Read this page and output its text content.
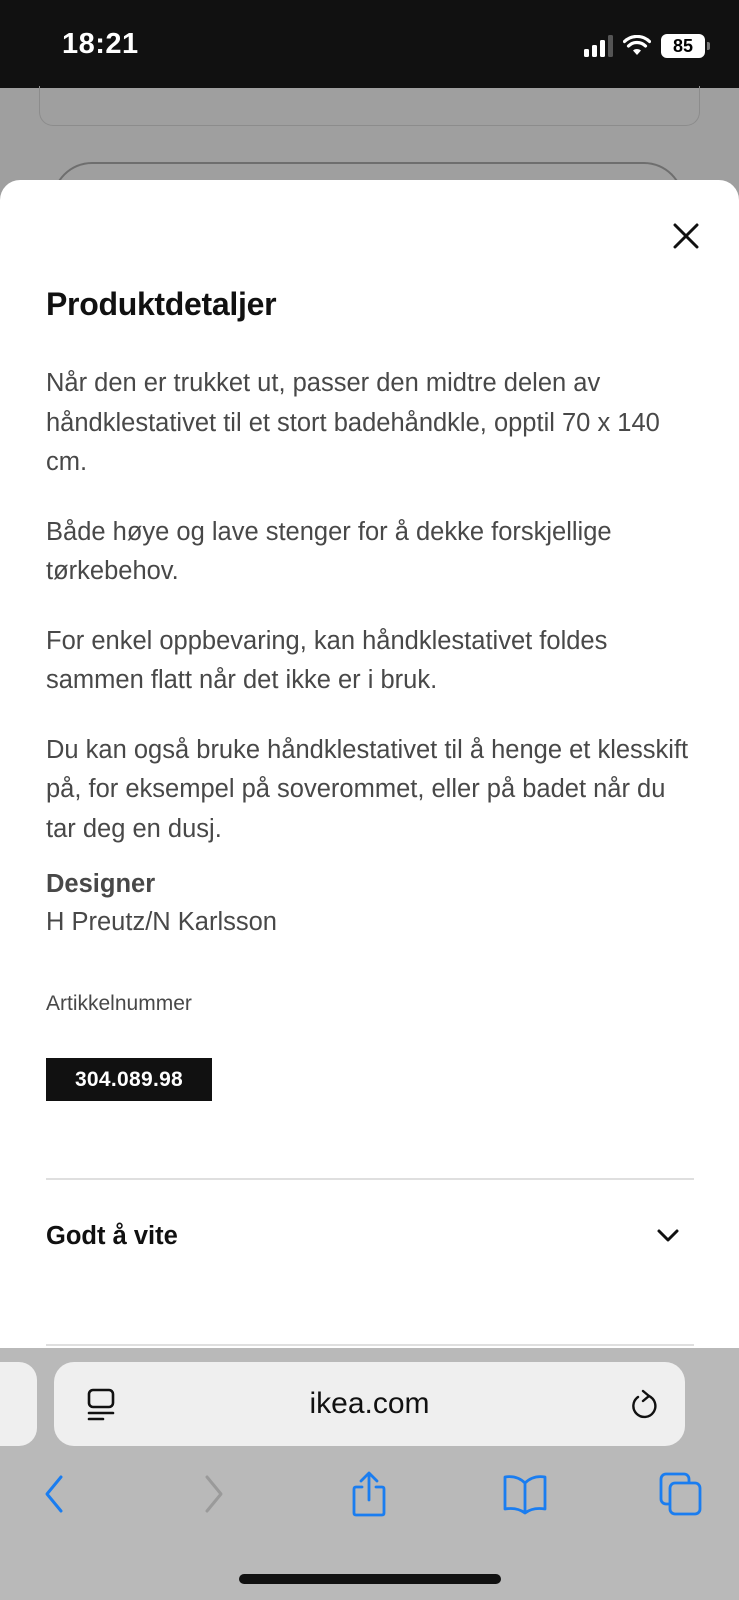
18:21	85
Produktdetaljer

Når den er trukket ut, passer den midtre delen av håndklestativet til et stort badehåndkle, opptil 70 x 140 cm.

Både høye og lave stenger for å dekke forskjellige tørkebehov.

For enkel oppbevaring, kan håndklestativet foldes sammen flatt når det ikke er i bruk.

Du kan også bruke håndklestativet til å henge et klesskift på, for eksempel på soverommet, eller på badet når du tar deg en dusj.

Designer
H Preutz/N Karlsson
Artikkelnummer
304.089.98
Godt å vite
ikea.com
